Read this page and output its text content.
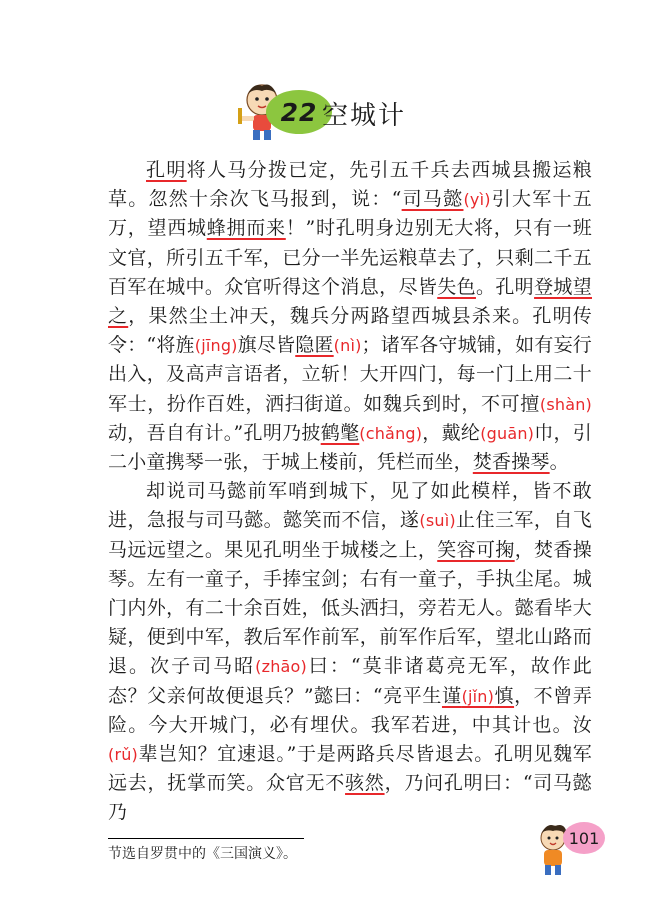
22 空城计

孔明将人马分拨已定，先引五千兵去西城县搬运粮草。忽然十余次飞马报到，说：“司马懿(yì)引大军十五万，望西城蜂拥而来！”时孔明身边别无大将，只有一班文官，所引五千军，已分一半先运粮草去了，只剩二千五百军在城中。众官听得这个消息，尽皆失色。孔明登城望之，果然尘土冲天，魏兵分两路望西城县杀来。孔明传令：“将旌(jīng)旗尽皆隐匿(nì)；诸军各守城铺，如有妄行出入，及高声言语者，立斩！大开四门，每一门上用二十军士，扮作百姓，洒扫街道。如魏兵到时，不可擅(shàn)动，吾自有计。”孔明乃披鹤氅(chǎng)，戴纶(guān)巾，引二小童携琴一张，于城上楼前，凭栏而坐，焚香操琴。

却说司马懿前军哨到城下，见了如此模样，皆不敢进，急报与司马懿。懿笑而不信，遂(suì)止住三军，自飞马远远望之。果见孔明坐于城楼之上，笑容可掬，焚香操琴。左有一童子，手捧宝剑；右有一童子，手执尘尾。城门内外，有二十余百姓，低头洒扫，旁若无人。懿看毕大疑，便到中军，教后军作前军，前军作后军，望北山路而退。次子司马昭(zhāo)曰：“莫非诸葛亮无军，故作此态？父亲何故便退兵？”懿曰：“亮平生谨(jǐn)慎，不曾弄险。今大开城门，必有埋伏。我军若进，中其计也。汝(rǔ)辈岂知？宜速退。”于是两路兵尽皆退去。孔明见魏军远去，抚掌而笑。众官无不骇然，乃问孔明曰：“司马懿乃

节选自罗贯中的《三国演义》。
101
